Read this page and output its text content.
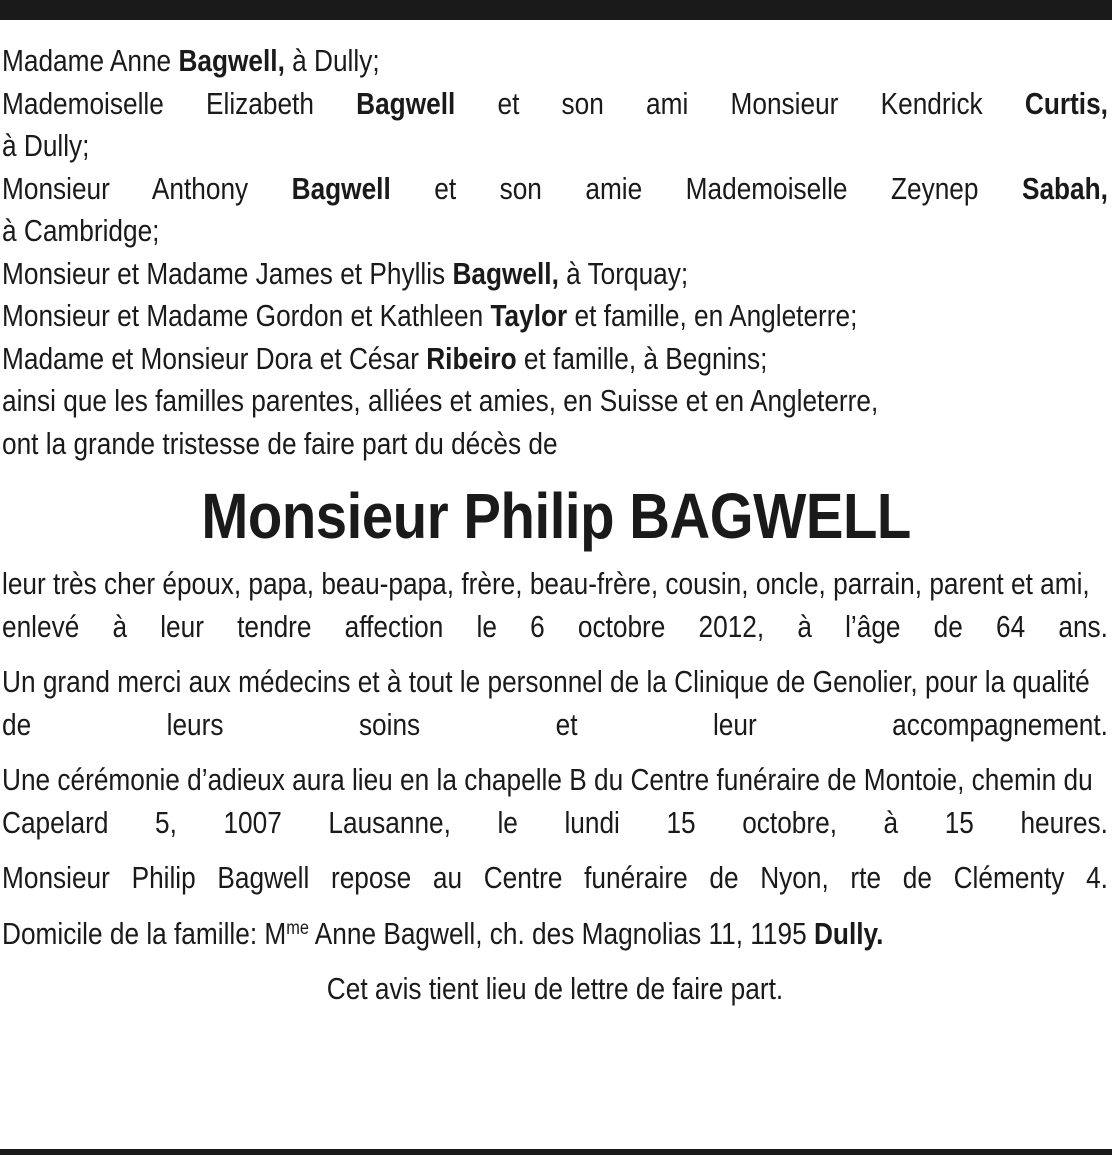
Madame Anne Bagwell, à Dully;
Mademoiselle Elizabeth Bagwell et son ami Monsieur Kendrick Curtis,
à Dully;
Monsieur Anthony Bagwell et son amie Mademoiselle Zeynep Sabah,
à Cambridge;
Monsieur et Madame James et Phyllis Bagwell, à Torquay;
Monsieur et Madame Gordon et Kathleen Taylor et famille, en Angleterre;
Madame et Monsieur Dora et César Ribeiro et famille, à Begnins;
ainsi que les familles parentes, alliées et amies, en Suisse et en Angleterre,
ont la grande tristesse de faire part du décès de
Monsieur Philip BAGWELL

leur très cher époux, papa, beau-papa, frère, beau-frère, cousin, oncle, parrain, parent et ami, enlevé à leur tendre affection le 6 octobre 2012, à l’âge de 64 ans.

Un grand merci aux médecins et à tout le personnel de la Clinique de Genolier, pour la qualité de leurs soins et leur accompagnement.

Une cérémonie d’adieux aura lieu en la chapelle B du Centre funéraire de Montoie, chemin du Capelard 5, 1007 Lausanne, le lundi 15 octobre, à 15 heures.

Monsieur Philip Bagwell repose au Centre funéraire de Nyon, rte de Clémenty 4.

Domicile de la famille: $M^{me}$ Anne Bagwell, ch. des Magnolias 11, 1195 Dully.

Cet avis tient lieu de lettre de faire part.
